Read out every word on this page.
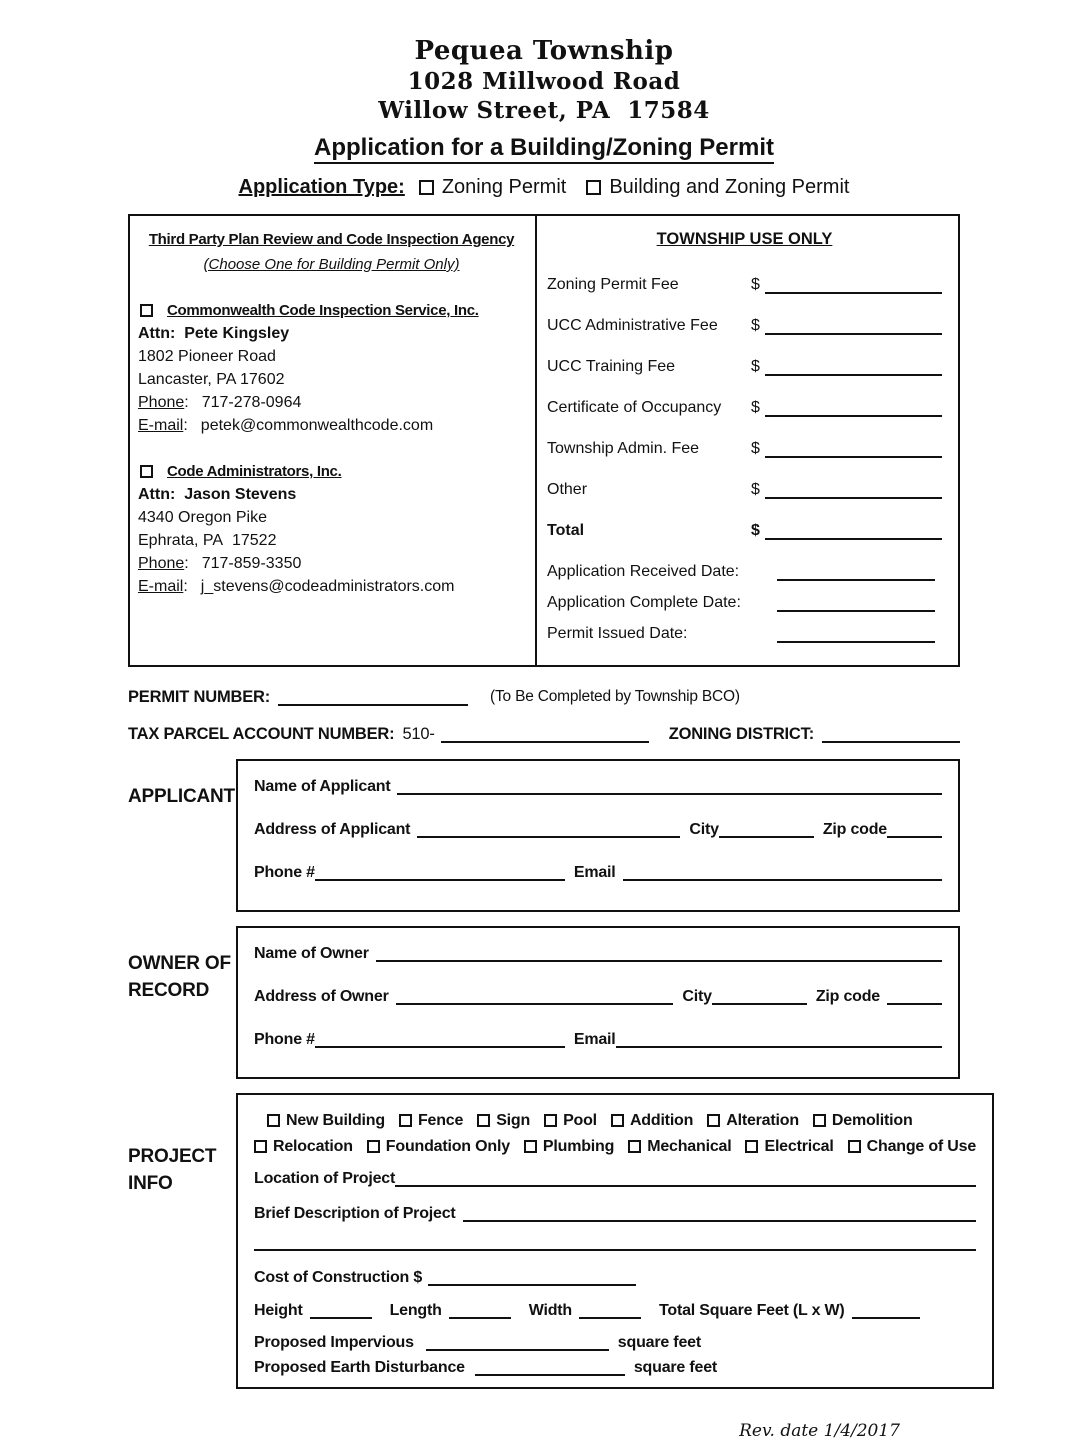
Pequea Township
1028 Millwood Road
Willow Street, PA  17584
Application for a Building/Zoning Permit
Application Type: Zoning Permit Building and Zoning Permit
Third Party Plan Review and Code Inspection Agency
(Choose One for Building Permit Only)
Commonwealth Code Inspection Service, Inc.
Attn:  Pete Kingsley
1802 Pioneer Road
Lancaster, PA 17602
Phone: 717-278-0964
E-mail: petek@commonwealthcode.com
Code Administrators, Inc.
Attn:  Jason Stevens
4340 Oregon Pike
Ephrata, PA  17522
Phone: 717-859-3350
E-mail: j_stevens@codeadministrators.com
TOWNSHIP USE ONLY
Zoning Permit Fee	$
UCC Administrative Fee	$
UCC Training Fee	$
Certificate of Occupancy	$
Township Admin. Fee	$
Other	$
Total	$
Application Received Date:
Application Complete Date:
Permit Issued Date:
PERMIT NUMBER:	(To Be Completed by Township BCO)
TAX PARCEL ACCOUNT NUMBER: 510-	ZONING DISTRICT:
APPLICANT Name of Applicant
Address of Applicant	City	Zip code
Phone #	Email
OWNER OF
RECORD
Name of Owner
Address of Owner	City	Zip code
Phone #	Email
PROJECT
INFO
New Building Fence Sign Pool Addition Alteration Demolition
Relocation Foundation Only Plumbing Mechanical Electrical Change of Use
Location of Project
Brief Description of Project
Cost of Construction $
Height	Length	Width	Total Square Feet (L x W)
Proposed Impervious	square feet
Proposed Earth Disturbance	square feet
Rev. date 1/4/2017
